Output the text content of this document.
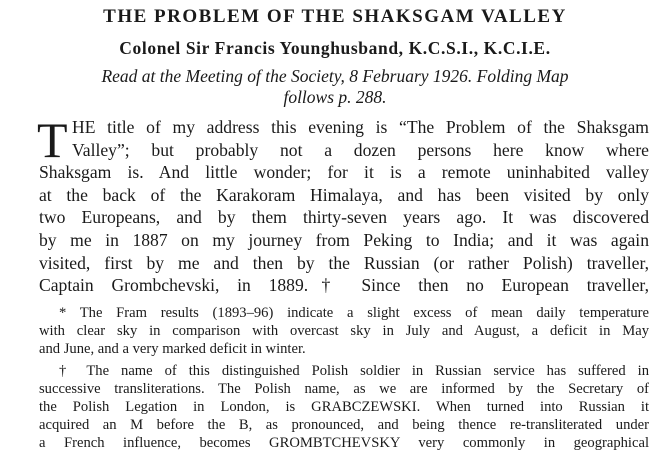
THE PROBLEM OF THE SHAKSGAM VALLEY
Colonel Sir Francis Younghusband, K.C.S.I., K.C.I.E.
Read at the Meeting of the Society, 8 February 1926. Folding Map
follows p. 288.
T HE title of my address this evening is “The Problem of the Shaksgam
Valley”; but probably not a dozen persons here know where
Shaksgam is. And little wonder; for it is a remote uninhabited valley
at the back of the Karakoram Himalaya, and has been visited by only
two Europeans, and by them thirty-seven years ago. It was discovered
by me in 1887 on my journey from Peking to India; and it was again
visited, first by me and then by the Russian (or rather Polish) traveller,
Captain Grombchevski, in 1889.† Since then no European traveller,
* The Fram results (1893–96) indicate a slight excess of mean daily temperature
with clear sky in comparison with overcast sky in July and August, a deficit in May
and June, and a very marked deficit in winter.
† The name of this distinguished Polish soldier in Russian service has suffered in
successive transliterations. The Polish name, as we are informed by the Secretary of
the Polish Legation in London, is GRABCZEWSKI. When turned into Russian it
acquired an M before the B, as pronounced, and being thence re-transliterated under
a French influence, becomes GROMBTCHEVSKY very commonly in geographical
